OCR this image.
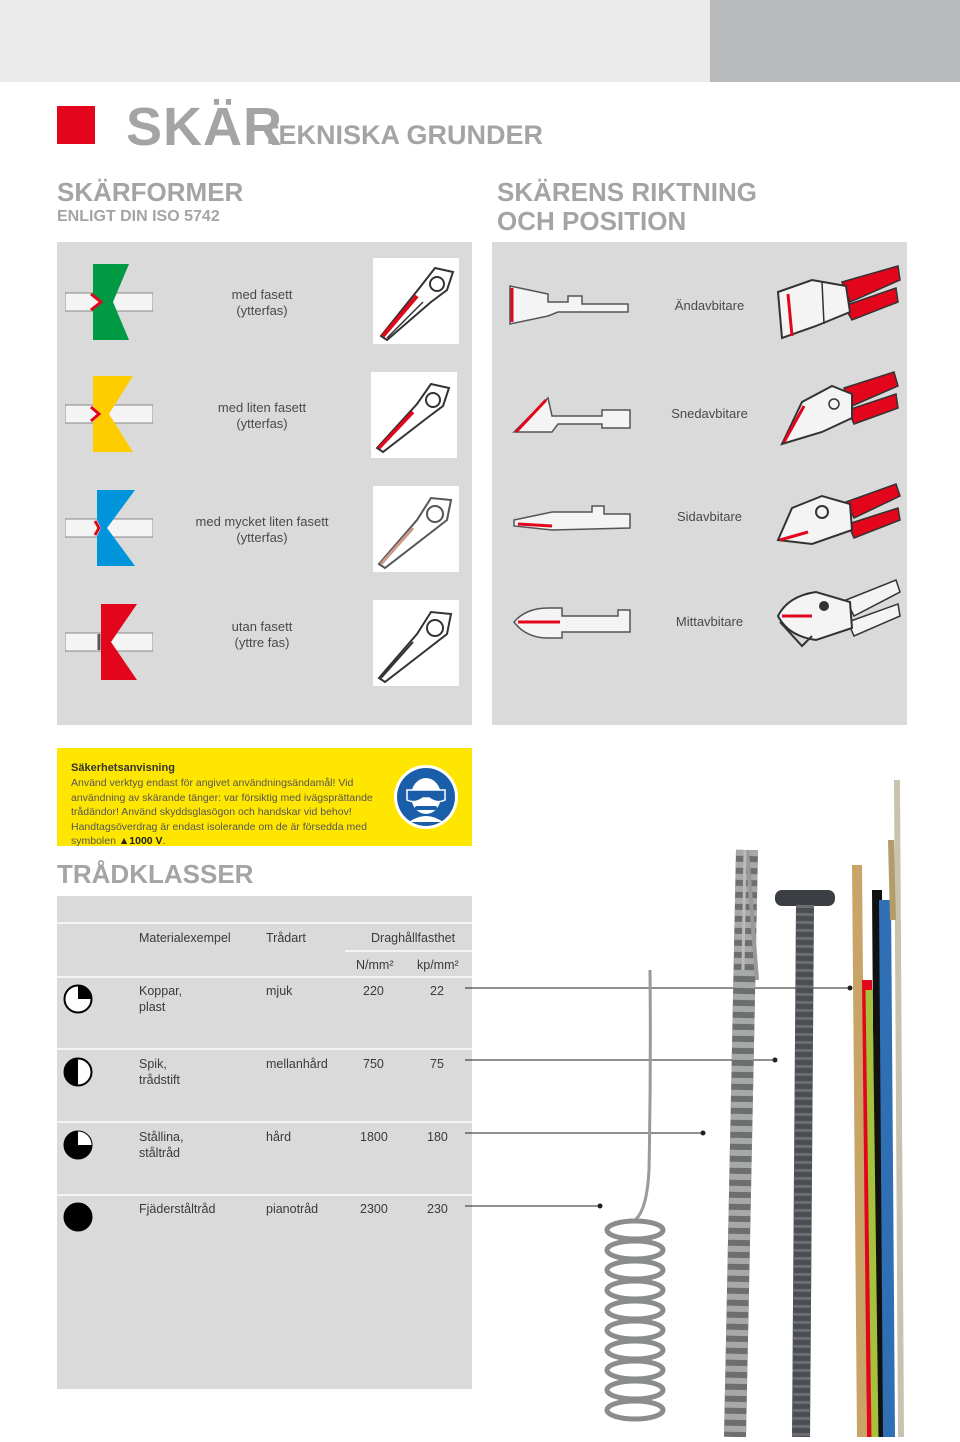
SKÄR
TEKNISKA GRUNDER
SKÄRFORMER
ENLIGT DIN ISO 5742
SKÄRENS RIKTNING
OCH POSITION
med fasett
(ytterfas)
med liten fasett
(ytterfas)
med mycket liten fasett
(ytterfas)
utan fasett
(yttre fas)
Ändavbitare
Snedavbitare
Sidavbitare
Mittavbitare
Säkerhetsanvisning
Använd verktyg endast för angivet användningsändamål! Vid användning av skärande tänger: var försiktig med ivägsprättande trådändor! Använd skyddsglasögon och handskar vid behov! Handtagsöverdrag är endast isolerande om de är försedda med symbolen ▲1000 V.
TRÅDKLASSER
Materialexempel	Trådart	Draghållfasthet
N/mm² kp/mm²
Koppar,
plast
mjuk	220	22
Spik,
trådstift
mellanhård	750	75
Stållina,
ståltråd
hård	1800	180
Fjäderståltråd	pianotråd	2300	230
